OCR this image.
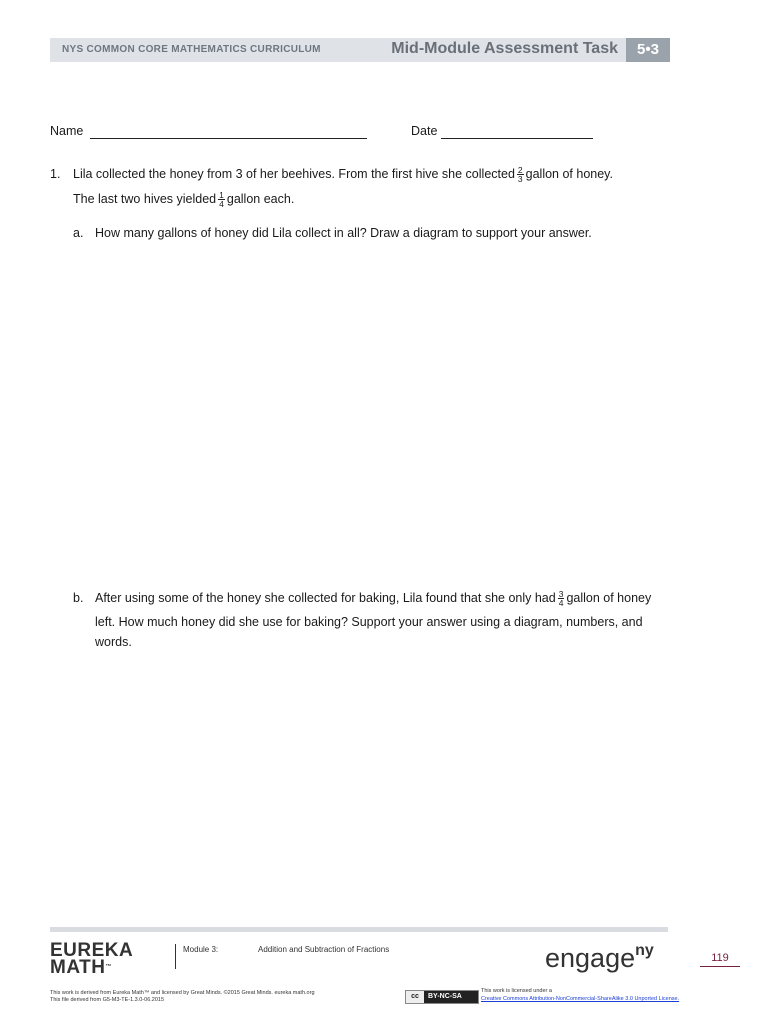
NYS COMMON CORE MATHEMATICS CURRICULUM	Mid-Module Assessment Task	5•3
Name	Date
1. Lila collected the honey from 3 of her beehives. From the first hive she collected $\frac{2}{3}$ gallon of honey.
The last two hives yielded $\frac{1}{4}$ gallon each.
a. How many gallons of honey did Lila collect in all? Draw a diagram to support your answer.
b. After using some of the honey she collected for baking, Lila found that she only had $\frac{3}{4}$ gallon of honey
left. How much honey did she use for baking? Support your answer using a diagram, numbers, and
words.
EUREKA
MATH™
Module 3:	Addition and Subtraction of Fractions	engage$^{ny}$	119
This work is derived from Eureka Math™ and licensed by Great Minds. ©2015 Great Minds. eureka math.org
This file derived from G5-M3-TE-1.3.0-06.2015	cc BY-NC-SA
This work is licensed under a
Creative Commons Attribution-NonCommercial-ShareAlike 3.0 Unported License.
